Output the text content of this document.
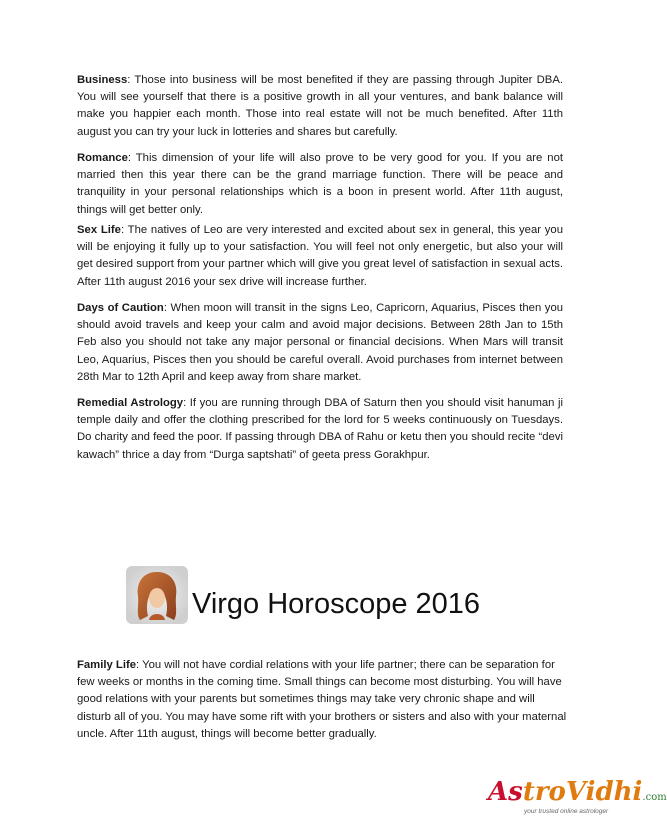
Business: Those into business will be most benefited if they are passing through Jupiter DBA. You will see yourself that there is a positive growth in all your ventures, and bank balance will make you happier each month. Those into real estate will not be much benefited. After 11th august you can try your luck in lotteries and shares but carefully.

Romance: This dimension of your life will also prove to be very good for you. If you are not married then this year there can be the grand marriage function. There will be peace and tranquility in your personal relationships which is a boon in present world. After 11th august, things will get better only.

Sex Life: The natives of Leo are very interested and excited about sex in general, this year you will be enjoying it fully up to your satisfaction. You will feel not only energetic, but also your will get desired support from your partner which will give you great level of satisfaction in sexual acts. After 11th august 2016 your sex drive will increase further.

Days of Caution: When moon will transit in the signs Leo, Capricorn, Aquarius, Pisces then you should avoid travels and keep your calm and avoid major decisions. Between 28th Jan to 15th Feb also you should not take any major personal or financial decisions. When Mars will transit Leo, Aquarius, Pisces then you should be careful overall. Avoid purchases from internet between 28th Mar to 12th April and keep away from share market.

Remedial Astrology: If you are running through DBA of Saturn then you should visit hanuman ji temple daily and offer the clothing prescribed for the lord for 5 weeks continuously on Tuesdays. Do charity and feed the poor. If passing through DBA of Rahu or ketu then you should recite “devi kawach” thrice a day from “Durga saptshati” of geeta press Gorakhpur.

Virgo Horoscope 2016

Family Life: You will not have cordial relations with your life partner; there can be separation for few weeks or months in the coming time. Small things can become most disturbing. You will have good relations with your parents but sometimes things may take very chronic shape and will disturb all of you. You may have some rift with your brothers or sisters and also with your maternal uncle. After 11th august, things will become better gradually.

AstroVidhi.com
your trusted online astrologer
